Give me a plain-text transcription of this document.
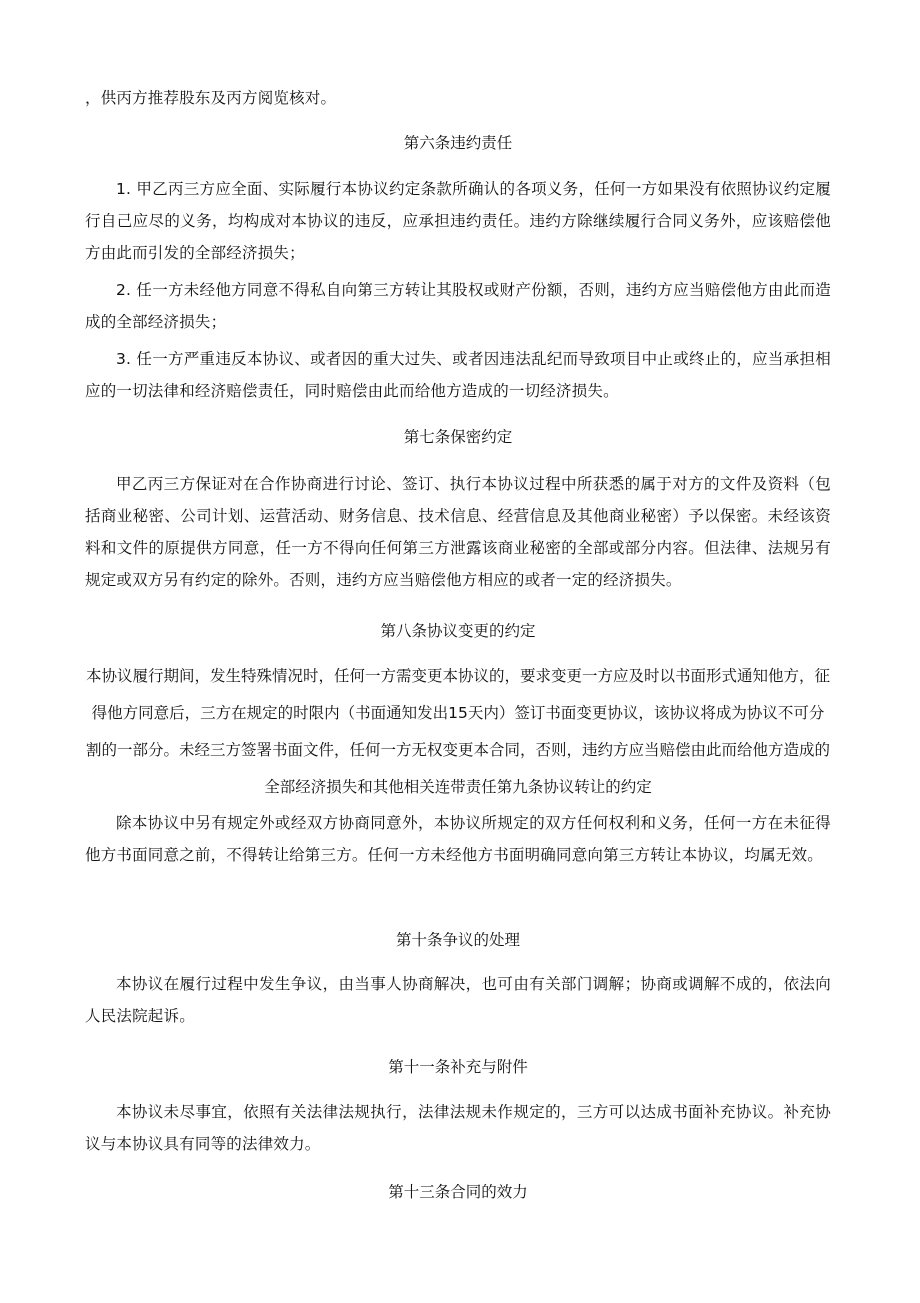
，供丙方推荐股东及丙方阅览核对。

第六条违约责任

1. 甲乙丙三方应全面、实际履行本协议约定条款所确认的各项义务，任何一方如果没有依照协议约定履行自己应尽的义务，均构成对本协议的违反，应承担违约责任。违约方除继续履行合同义务外，应该赔偿他方由此而引发的全部经济损失；

2. 任一方未经他方同意不得私自向第三方转让其股权或财产份额，否则，违约方应当赔偿他方由此而造成的全部经济损失；

3. 任一方严重违反本协议、或者因的重大过失、或者因违法乱纪而导致项目中止或终止的，应当承担相应的一切法律和经济赔偿责任，同时赔偿由此而给他方造成的一切经济损失。

第七条保密约定

甲乙丙三方保证对在合作协商进行讨论、签订、执行本协议过程中所获悉的属于对方的文件及资料（包括商业秘密、公司计划、运营活动、财务信息、技术信息、经营信息及其他商业秘密）予以保密。未经该资料和文件的原提供方同意，任一方不得向任何第三方泄露该商业秘密的全部或部分内容。但法律、法规另有规定或双方另有约定的除外。否则，违约方应当赔偿他方相应的或者一定的经济损失。

第八条协议变更的约定

本协议履行期间，发生特殊情况时，任何一方需变更本协议的，要求变更一方应及时以书面形式通知他方，征得他方同意后，三方在规定的时限内（书面通知发出15天内）签订书面变更协议，该协议将成为协议不可分割的一部分。未经三方签署书面文件，任何一方无权变更本合同，否则，违约方应当赔偿由此而给他方造成的全部经济损失和其他相关连带责任第九条协议转让的约定

除本协议中另有规定外或经双方协商同意外，本协议所规定的双方任何权利和义务，任何一方在未征得他方书面同意之前，不得转让给第三方。任何一方未经他方书面明确同意向第三方转让本协议，均属无效。

第十条争议的处理

本协议在履行过程中发生争议，由当事人协商解决，也可由有关部门调解；协商或调解不成的，依法向人民法院起诉。

第十一条补充与附件

本协议未尽事宜，依照有关法律法规执行，法律法规未作规定的，三方可以达成书面补充协议。补充协议与本协议具有同等的法律效力。

第十三条合同的效力
